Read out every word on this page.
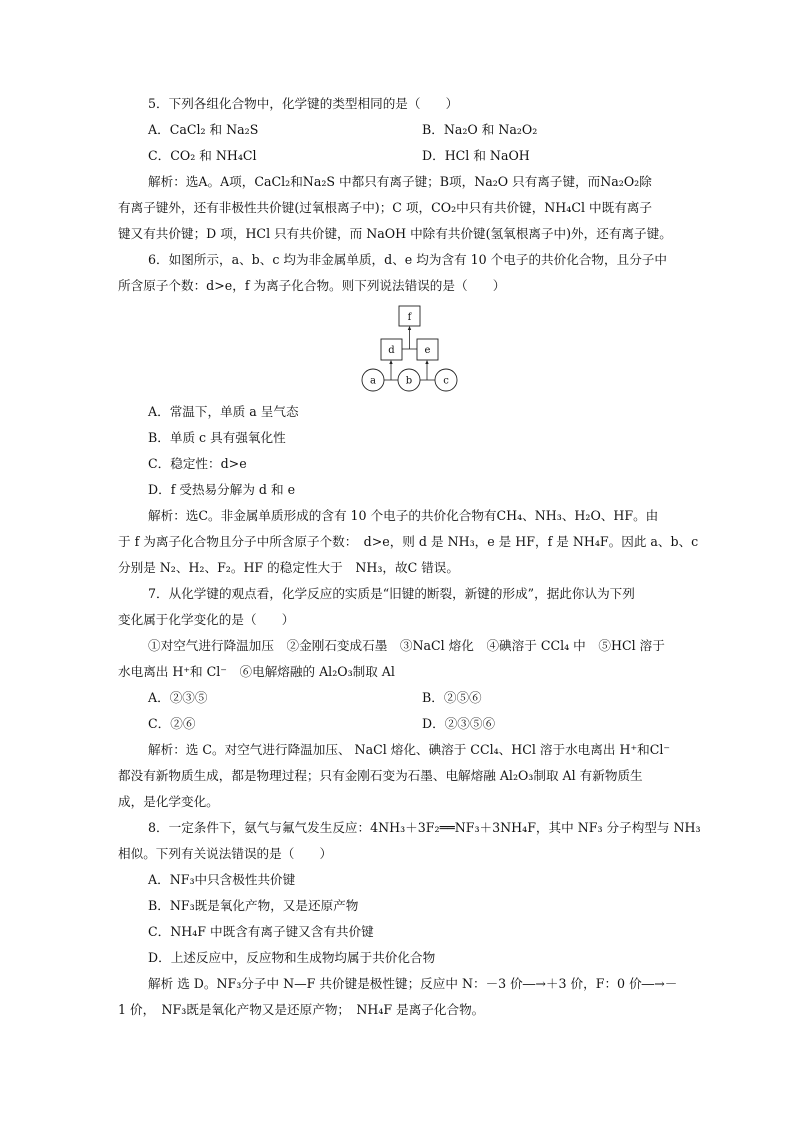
5．下列各组化合物中，化学键的类型相同的是（　　）
A．CaCl₂ 和 Na₂S	B．Na₂O 和 Na₂O₂
C．CO₂ 和 NH₄Cl	D．HCl 和 NaOH
解析：选A。A项，CaCl₂和Na₂S 中都只有离子键；B项，Na₂O 只有离子键，而Na₂O₂除
有离子键外，还有非极性共价键(过氧根离子中)；C 项，CO₂中只有共价键，NH₄Cl 中既有离子
键又有共价键；D 项，HCl 只有共价键，而 NaOH 中除有共价键(氢氧根离子中)外，还有离子键。
6．如图所示，a、b、c 均为非金属单质，d、e 均为含有 10 个电子的共价化合物，且分子中
所含原子个数：d>e，f 为离子化合物。则下列说法错误的是（　　）
f
d	e
a	b	c
A．常温下，单质 a 呈气态
B．单质 c 具有强氧化性
C．稳定性：d>e
D．f 受热易分解为 d 和 e
解析：选C。非金属单质形成的含有 10 个电子的共价化合物有CH₄、NH₃、H₂O、HF。由
于 f 为离子化合物且分子中所含原子个数：　d>e，则 d 是 NH₃，e 是 HF，f 是 NH₄F。因此 a、b、c
分别是 N₂、H₂、F₂。HF 的稳定性大于　NH₃，故C 错误。
7．从化学键的观点看，化学反应的实质是“旧键的断裂，新键的形成”，据此你认为下列
变化属于化学变化的是（　　）
①对空气进行降温加压　②金刚石变成石墨　③NaCl 熔化　④碘溶于 CCl₄ 中　⑤HCl 溶于
水电离出 H⁺和 Cl⁻　⑥电解熔融的 Al₂O₃制取 Al
A．②③⑤	B．②⑤⑥
C．②⑥	D．②③⑤⑥
解析：选 C。对空气进行降温加压、 NaCl 熔化、碘溶于 CCl₄、HCl 溶于水电离出 H⁺和Cl⁻
都没有新物质生成，都是物理过程；只有金刚石变为石墨、电解熔融 Al₂O₃制取 Al 有新物质生
成，是化学变化。
8．一定条件下，氨气与氟气发生反应：4NH₃＋3F₂══NF₃＋3NH₄F，其中 NF₃ 分子构型与 NH₃
相似。下列有关说法错误的是（　　）
A．NF₃中只含极性共价键
B．NF₃既是氧化产物，又是还原产物
C．NH₄F 中既含有离子键又含有共价键
D．上述反应中，反应物和生成物均属于共价化合物
解析 选 D。NF₃分子中 N—F 共价键是极性键；反应中 N：－3 价―→＋3 价，F：0 价―→－
1 价，　NF₃既是氧化产物又是还原产物；　NH₄F 是离子化合物。
